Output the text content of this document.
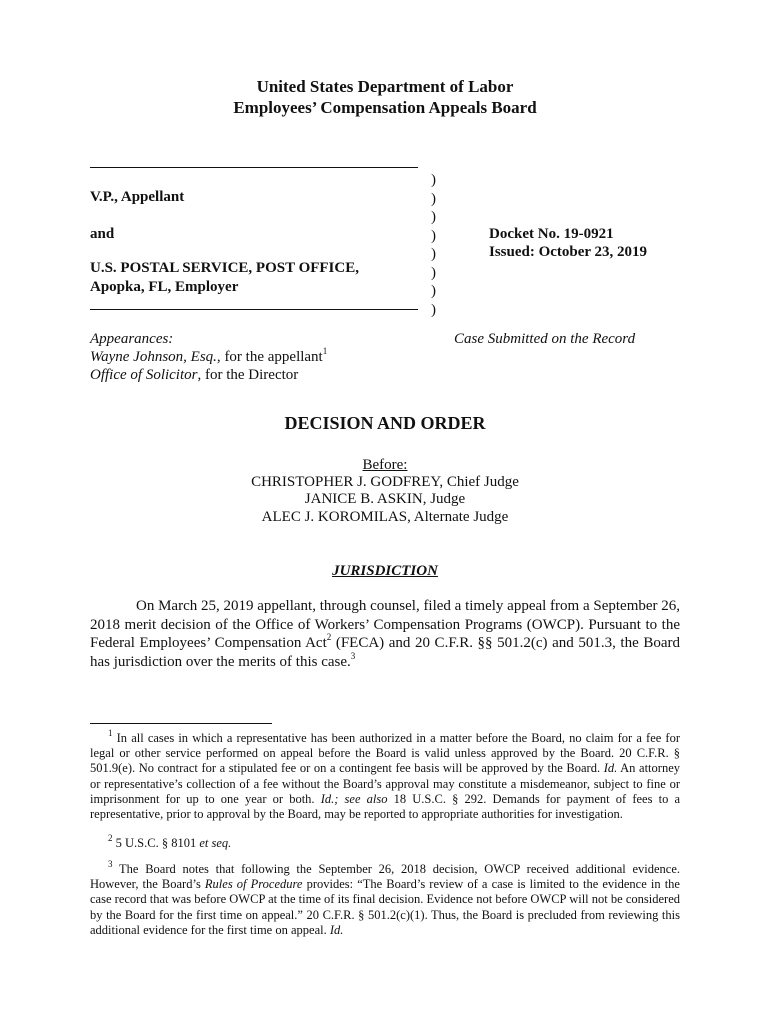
United States Department of Labor
Employees’ Compensation Appeals Board
)
)
)
)
)
)
)
)
V.P., Appellant
and
U.S. POSTAL SERVICE, POST OFFICE,
Apopka, FL, Employer
Docket No. 19-0921
Issued: October 23, 2019
Appearances:
Wayne Johnson, Esq., for the appellant$^1$
Office of Solicitor, for the Director
Case Submitted on the Record
DECISION AND ORDER
Before:
CHRISTOPHER J. GODFREY, Chief Judge
JANICE B. ASKIN, Judge
ALEC J. KOROMILAS, Alternate Judge
JURISDICTION
On March 25, 2019 appellant, through counsel, filed a timely appeal from a September 26, 2018 merit decision of the Office of Workers’ Compensation Programs (OWCP). Pursuant to the Federal Employees’ Compensation Act$^2$ (FECA) and 20 C.F.R. §§ 501.2(c) and 501.3, the Board has jurisdiction over the merits of this case.$^3$
$^1$ In all cases in which a representative has been authorized in a matter before the Board, no claim for a fee for legal or other service performed on appeal before the Board is valid unless approved by the Board. 20 C.F.R. § 501.9(e). No contract for a stipulated fee or on a contingent fee basis will be approved by the Board. Id. An attorney or representative’s collection of a fee without the Board’s approval may constitute a misdemeanor, subject to fine or imprisonment for up to one year or both. Id.; see also 18 U.S.C. § 292. Demands for payment of fees to a representative, prior to approval by the Board, may be reported to appropriate authorities for investigation.
$^2$ 5 U.S.C. § 8101 et seq.
$^3$ The Board notes that following the September 26, 2018 decision, OWCP received additional evidence. However, the Board’s Rules of Procedure provides: “The Board’s review of a case is limited to the evidence in the case record that was before OWCP at the time of its final decision. Evidence not before OWCP will not be considered by the Board for the first time on appeal.” 20 C.F.R. § 501.2(c)(1). Thus, the Board is precluded from reviewing this additional evidence for the first time on appeal. Id.
